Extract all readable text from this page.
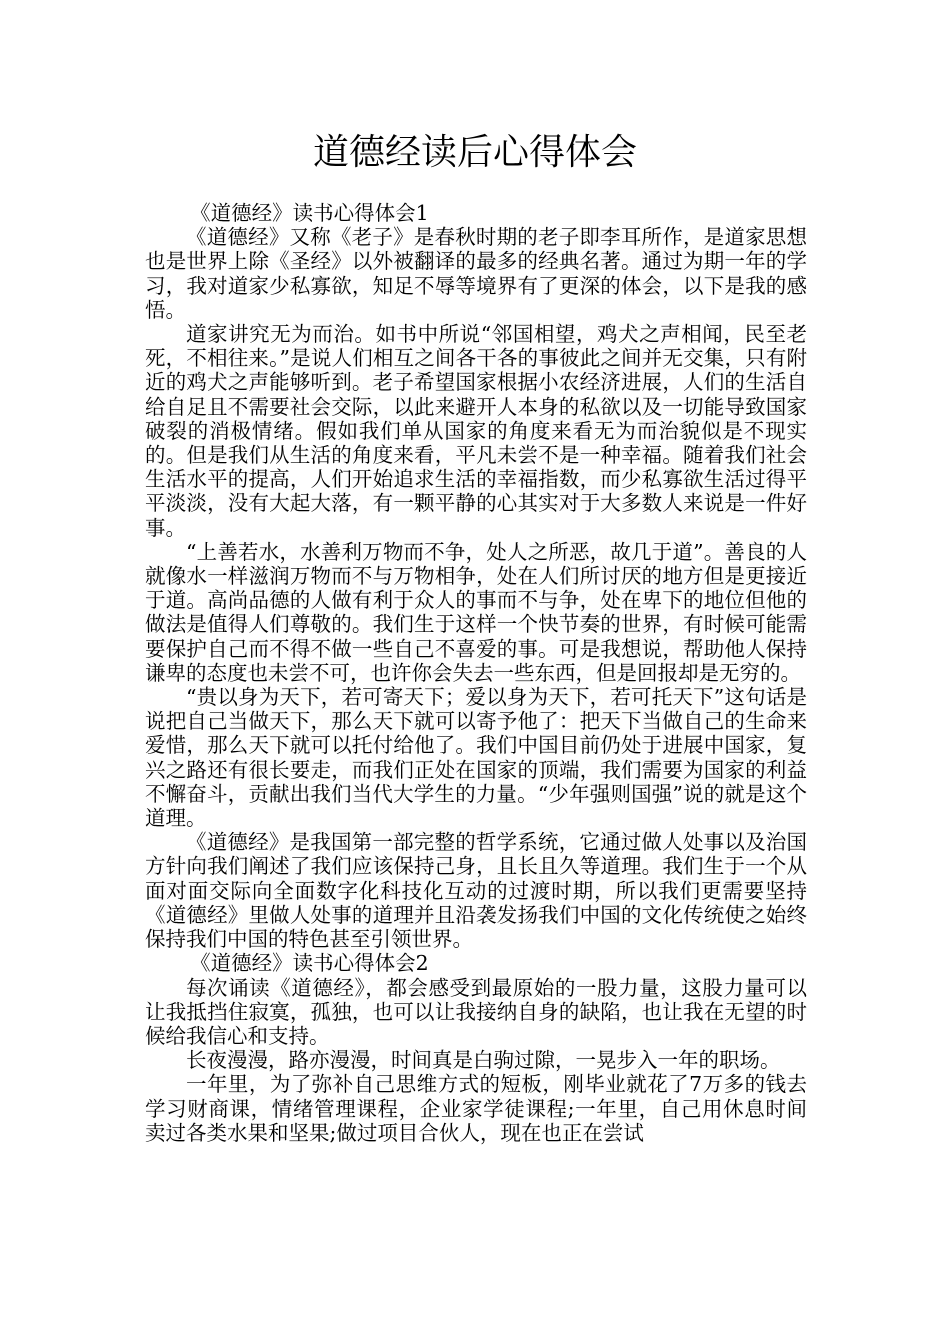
道德经读后心得体会

《道德经》读书心得体会1

《道德经》又称《老子》是春秋时期的老子即李耳所作，是道家思想也是世界上除《圣经》以外被翻译的最多的经典名著。通过为期一年的学习，我对道家少私寡欲，知足不辱等境界有了更深的体会，以下是我的感悟。

道家讲究无为而治。如书中所说“邻国相望，鸡犬之声相闻，民至老死，不相往来。”是说人们相互之间各干各的事彼此之间并无交集，只有附近的鸡犬之声能够听到。老子希望国家根据小农经济进展，人们的生活自给自足且不需要社会交际，以此来避开人本身的私欲以及一切能导致国家破裂的消极情绪。假如我们单从国家的角度来看无为而治貌似是不现实的。但是我们从生活的角度来看，平凡未尝不是一种幸福。随着我们社会生活水平的提高，人们开始追求生活的幸福指数，而少私寡欲生活过得平平淡淡，没有大起大落，有一颗平静的心其实对于大多数人来说是一件好事。

“上善若水，水善利万物而不争，处人之所恶，故几于道”。善良的人就像水一样滋润万物而不与万物相争，处在人们所讨厌的地方但是更接近于道。高尚品德的人做有利于众人的事而不与争，处在卑下的地位但他的做法是值得人们尊敬的。我们生于这样一个快节奏的世界，有时候可能需要保护自己而不得不做一些自己不喜爱的事。可是我想说，帮助他人保持谦卑的态度也未尝不可，也许你会失去一些东西，但是回报却是无穷的。

“贵以身为天下，若可寄天下；爱以身为天下，若可托天下”这句话是说把自己当做天下，那么天下就可以寄予他了：把天下当做自己的生命来爱惜，那么天下就可以托付给他了。我们中国目前仍处于进展中国家，复兴之路还有很长要走，而我们正处在国家的顶端，我们需要为国家的利益不懈奋斗，贡献出我们当代大学生的力量。“少年强则国强”说的就是这个道理。

《道德经》是我国第一部完整的哲学系统，它通过做人处事以及治国方针向我们阐述了我们应该保持己身，且长且久等道理。我们生于一个从面对面交际向全面数字化科技化互动的过渡时期，所以我们更需要坚持《道德经》里做人处事的道理并且沿袭发扬我们中国的文化传统使之始终保持我们中国的特色甚至引领世界。

《道德经》读书心得体会2

每次诵读《道德经》，都会感受到最原始的一股力量，这股力量可以让我抵挡住寂寞，孤独，也可以让我接纳自身的缺陷，也让我在无望的时候给我信心和支持。

长夜漫漫，路亦漫漫，时间真是白驹过隙，一晃步入一年的职场。

一年里，为了弥补自己思维方式的短板，刚毕业就花了7万多的钱去学习财商课，情绪管理课程，企业家学徒课程;一年里，自己用休息时间卖过各类水果和坚果;做过项目合伙人，现在也正在尝试
